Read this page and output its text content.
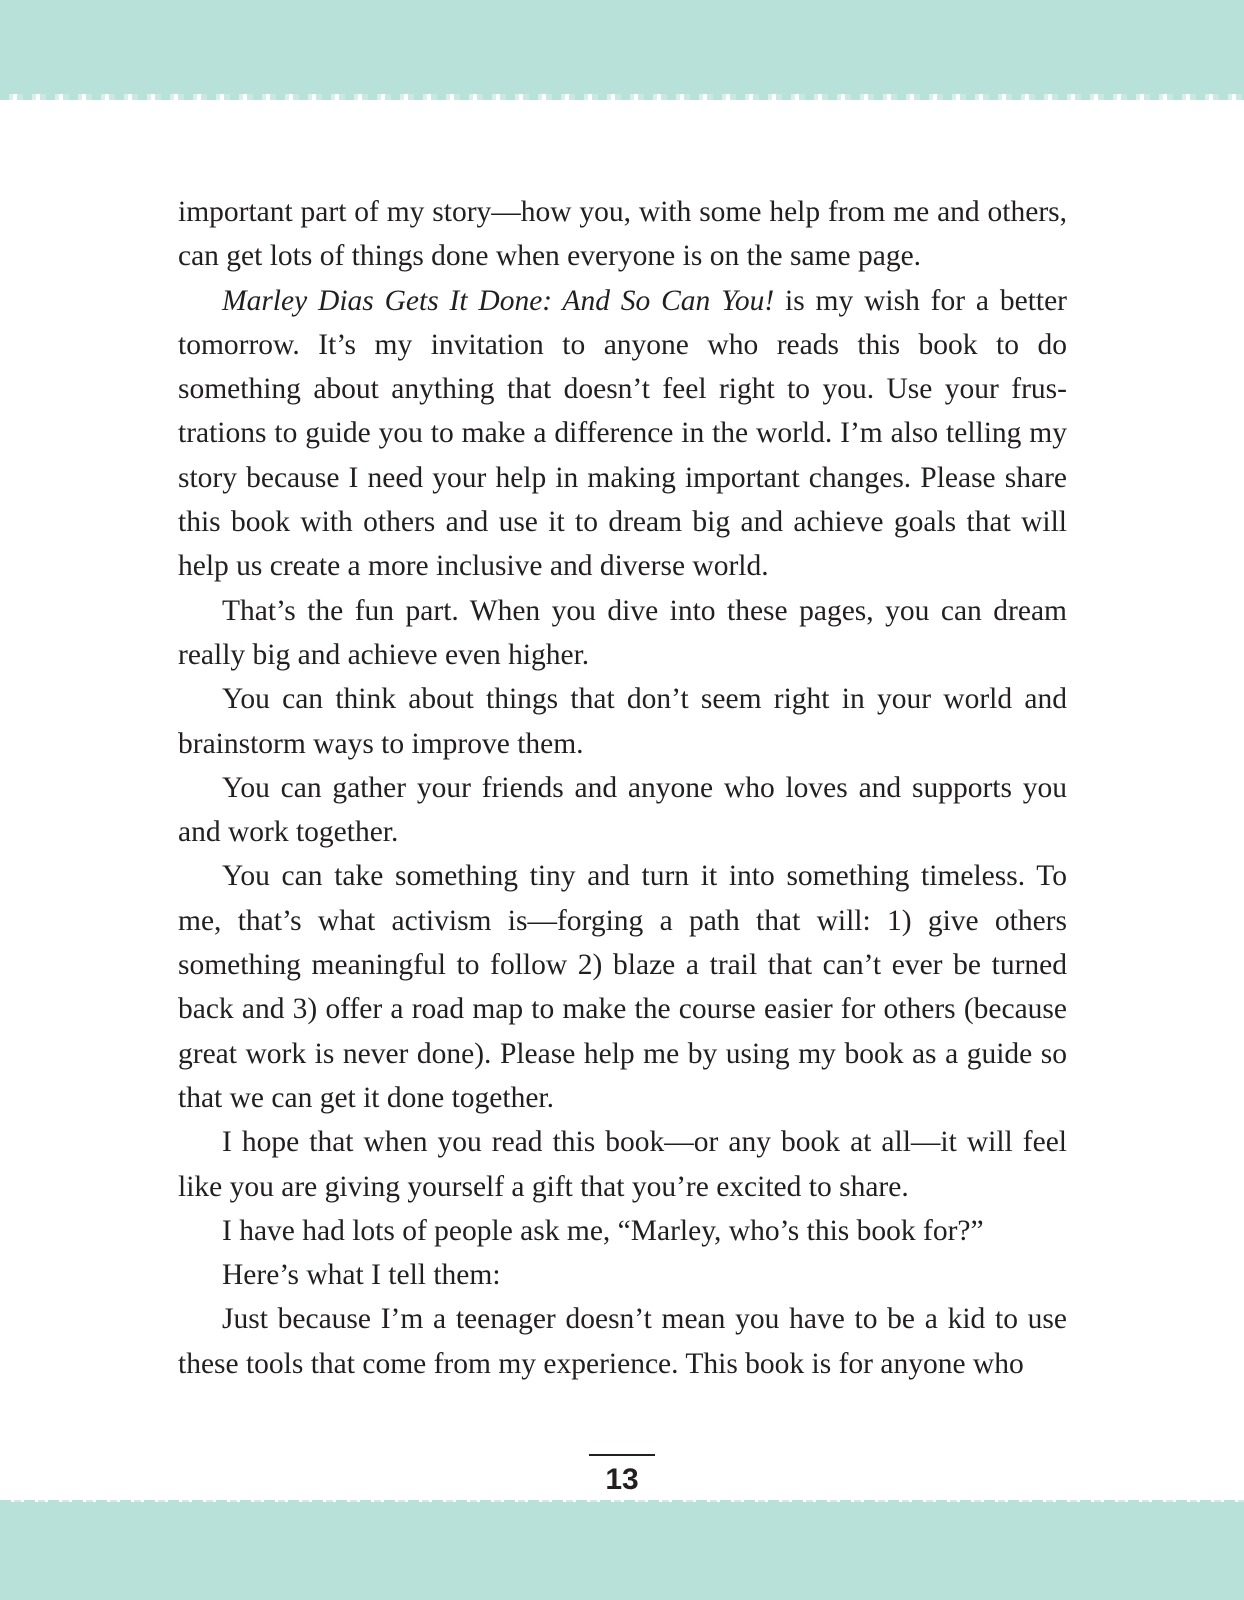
important part of my story—how you, with some help from me and others, can get lots of things done when everyone is on the same page.

Marley Dias Gets It Done: And So Can You! is my wish for a better tomorrow. It’s my invitation to anyone who reads this book to do something about anything that doesn’t feel right to you. Use your frustrations to guide you to make a difference in the world. I’m also telling my story because I need your help in making important changes. Please share this book with others and use it to dream big and achieve goals that will help us create a more inclusive and diverse world.

That’s the fun part. When you dive into these pages, you can dream really big and achieve even higher.

You can think about things that don’t seem right in your world and brainstorm ways to improve them.

You can gather your friends and anyone who loves and supports you and work together.

You can take something tiny and turn it into something timeless. To me, that’s what activism is—forging a path that will: 1) give others something meaningful to follow 2) blaze a trail that can’t ever be turned back and 3) offer a road map to make the course easier for others (because great work is never done). Please help me by using my book as a guide so that we can get it done together.

I hope that when you read this book—or any book at all—it will feel like you are giving yourself a gift that you’re excited to share.

I have had lots of people ask me, “Marley, who’s this book for?”

Here’s what I tell them:

Just because I’m a teenager doesn’t mean you have to be a kid to use these tools that come from my experience. This book is for anyone who

13
